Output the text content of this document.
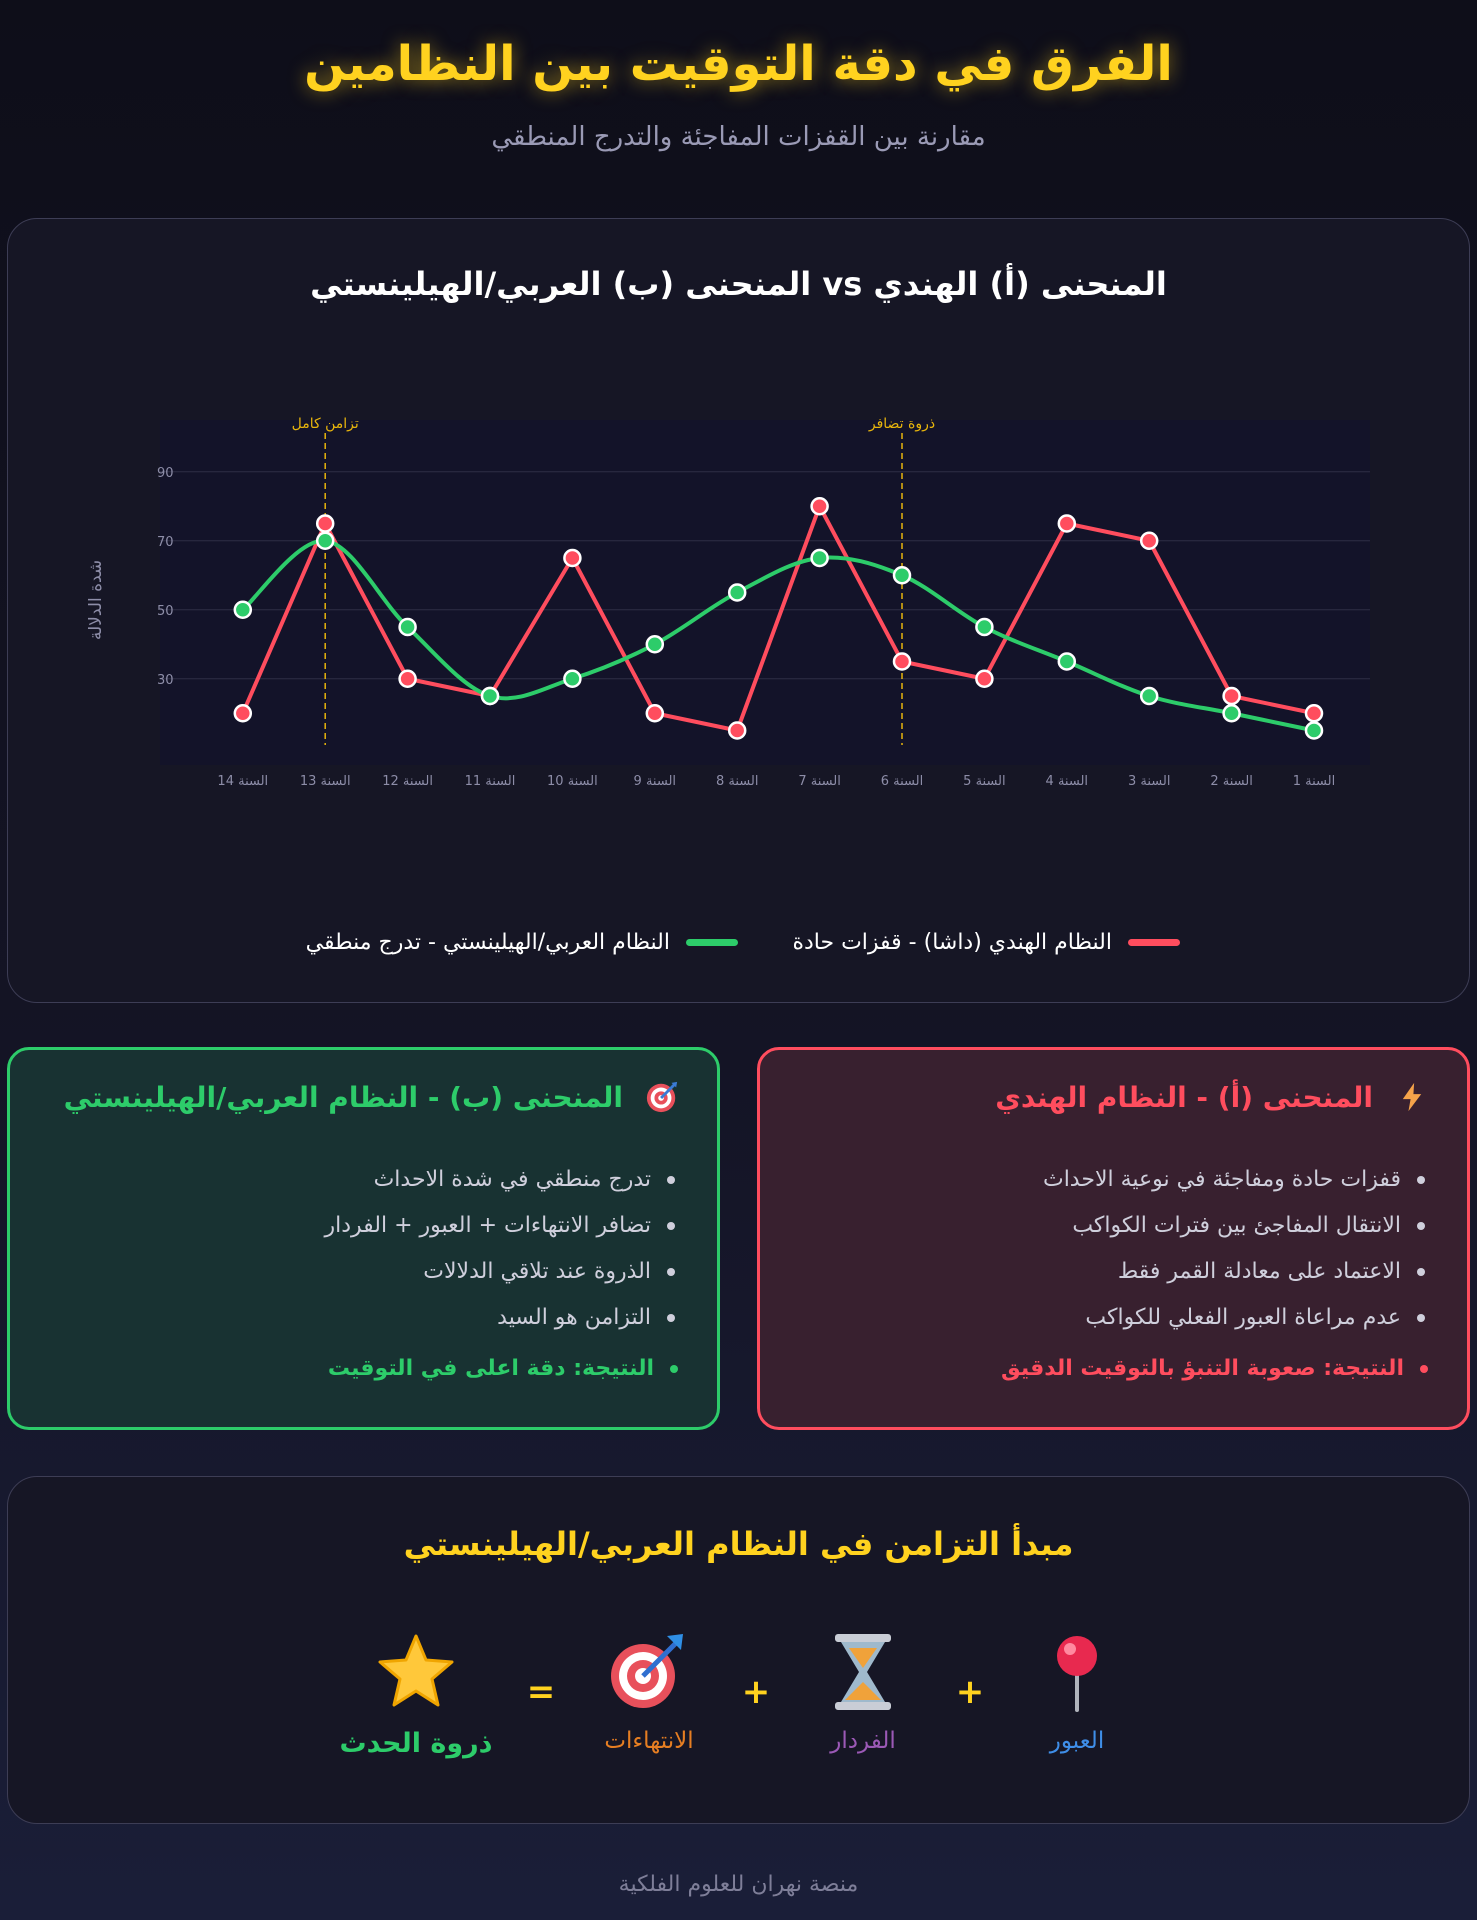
الفرق في دقة التوقيت بين النظامين
مقارنة بين القفزات المفاجئة والتدرج المنطقي
المنحنى (أ) الهندي vs المنحنى (ب) العربي/الهيلينستي
30
50
70
90
شدة الدلالة
السنة 1
السنة 2
السنة 3
السنة 4
السنة 5
السنة 6
السنة 7
السنة 8
السنة 9
السنة 10
السنة 11
السنة 12
السنة 13
السنة 14
ذروة تضافر
تزامن كامل
النظام الهندي (داشا) - قفزات حادة
النظام العربي/الهيلينستي - تدرج منطقي
المنحنى (أ) - النظام الهندي
قفزات حادة ومفاجئة في نوعية الاحداث
الانتقال المفاجئ بين فترات الكواكب
الاعتماد على معادلة القمر فقط
عدم مراعاة العبور الفعلي للكواكب
النتيجة: صعوبة التنبؤ بالتوقيت الدقيق
المنحنى (ب) - النظام العربي/الهيلينستي
تدرج منطقي في شدة الاحداث
تضافر الانتهاءات + العبور + الفردار
الذروة عند تلاقي الدلالات
التزامن هو السيد
النتيجة: دقة اعلى في التوقيت
مبدأ التزامن في النظام العربي/الهيلينستي
العبور
الفردار
الانتهاءات
ذروة الحدث
+
+
=
منصة نهران للعلوم الفلكية
